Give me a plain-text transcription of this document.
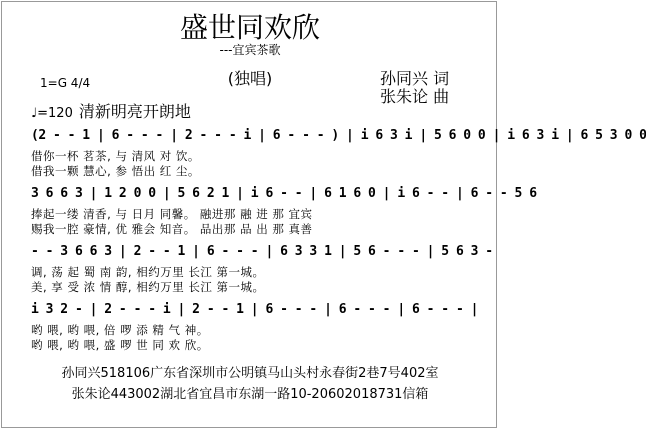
盛世同欢欣
---宜宾茶歌
(独唱)
1=G 4/4	孙同兴 词
张朱论 曲
♩=120 清新明亮开朗地
(2 - - 1 | 6 - - - | 2 - - - i | 6 - - - ) | i 6 3 i | 5 6 0 0 | i 6 3 i | 6 5 3 0 0
借你一杯 茗茶, 与 清风 对 饮。
借我一颗 慧心, 参 悟出 红 尘。
3 6 6 3 | 1 2 0 0 | 5 6 2 1 | i 6 - - | 6 1 6 0 | i 6 - - | 6 - - 5 6
捧起一缕 清香, 与 日月 同馨。 融进那 融 进 那 宜宾
赐我一腔 豪情, 优 雅会 知音。 品出那 品 出 那 真善
- - 3 6 6 3 | 2 - - 1 | 6 - - - | 6 3 3 1 | 5 6 - - - | 5 6 3 -
调, 荡 起 蜀 南 韵, 相约万里 长江 第一城。
美, 享 受 浓 情 醇, 相约万里 长江 第一城。
i 3 2 - | 2 - - - i | 2 - - 1 | 6 - - - | 6 - - - | 6 - - - |
哟 喂, 哟 喂, 倍 啰 添 精 气 神。
哟 喂, 哟 喂, 盛 啰 世 同 欢 欣。
孙同兴518106广东省深圳市公明镇马山头村永春街2巷7号402室
张朱论443002湖北省宜昌市东湖一路10-20602018731信箱
